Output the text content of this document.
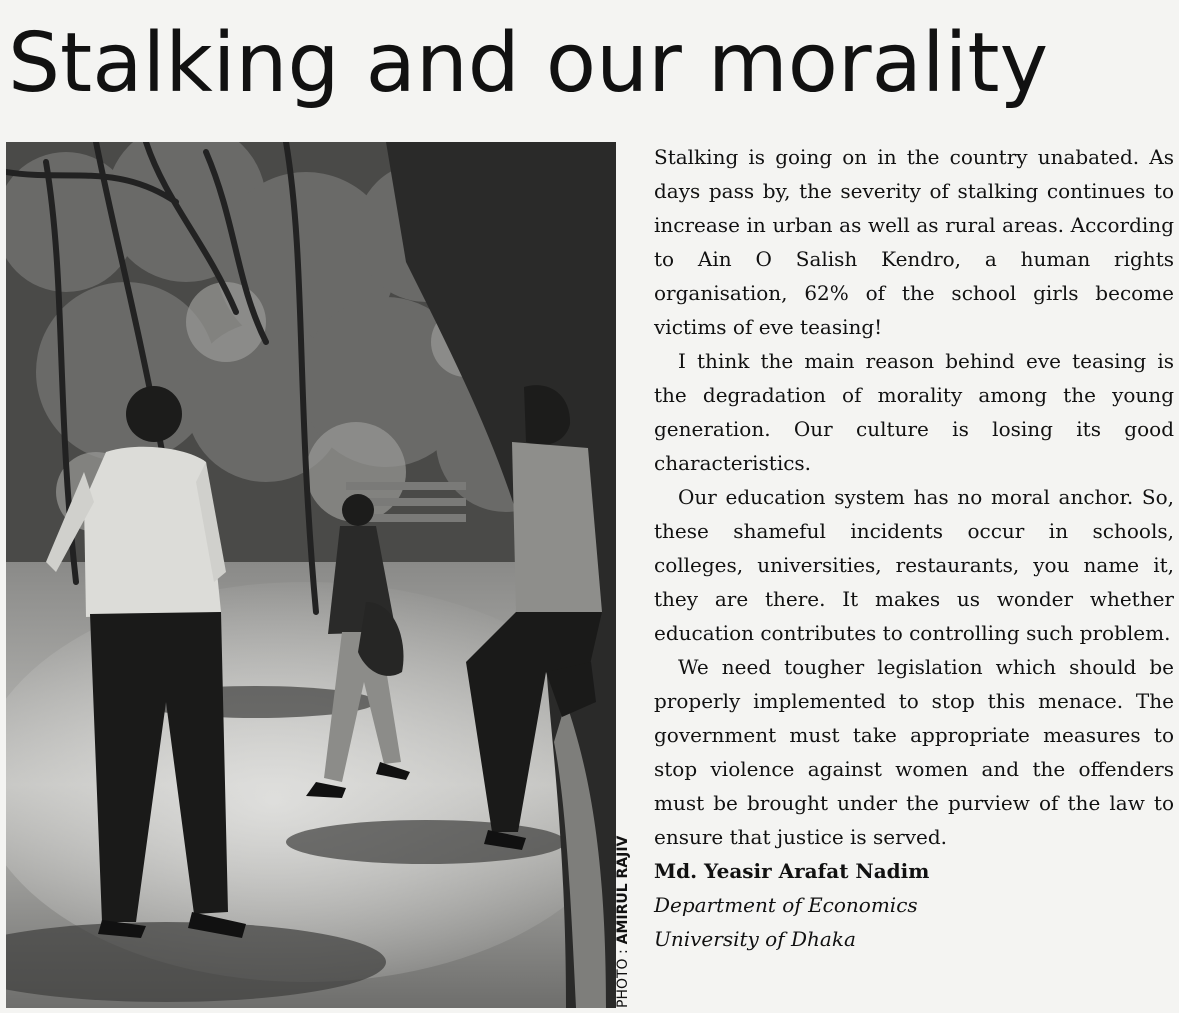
Stalking and our morality
PHOTO : AMIRUL RAJIV

Stalking is going on in the country unabated. As days pass by, the severity of stalking continues to increase in urban as well as rural areas. According to Ain O Salish Kendro, a human rights organisation, 62% of the school girls become victims of eve teasing!

I think the main reason behind eve teasing is the degradation of morality among the young generation. Our culture is losing its good characteristics.

Our education system has no moral anchor. So, these shameful incidents occur in schools, colleges, universities, restaurants, you name it, they are there. It makes us wonder whether education contributes to controlling such problem.

We need tougher legislation which should be properly implemented to stop this menace. The government must take appropriate measures to stop violence against women and the offenders must be brought under the purview of the law to ensure that justice is served.

Md. Yeasir Arafat Nadim

Department of Economics

University of Dhaka
